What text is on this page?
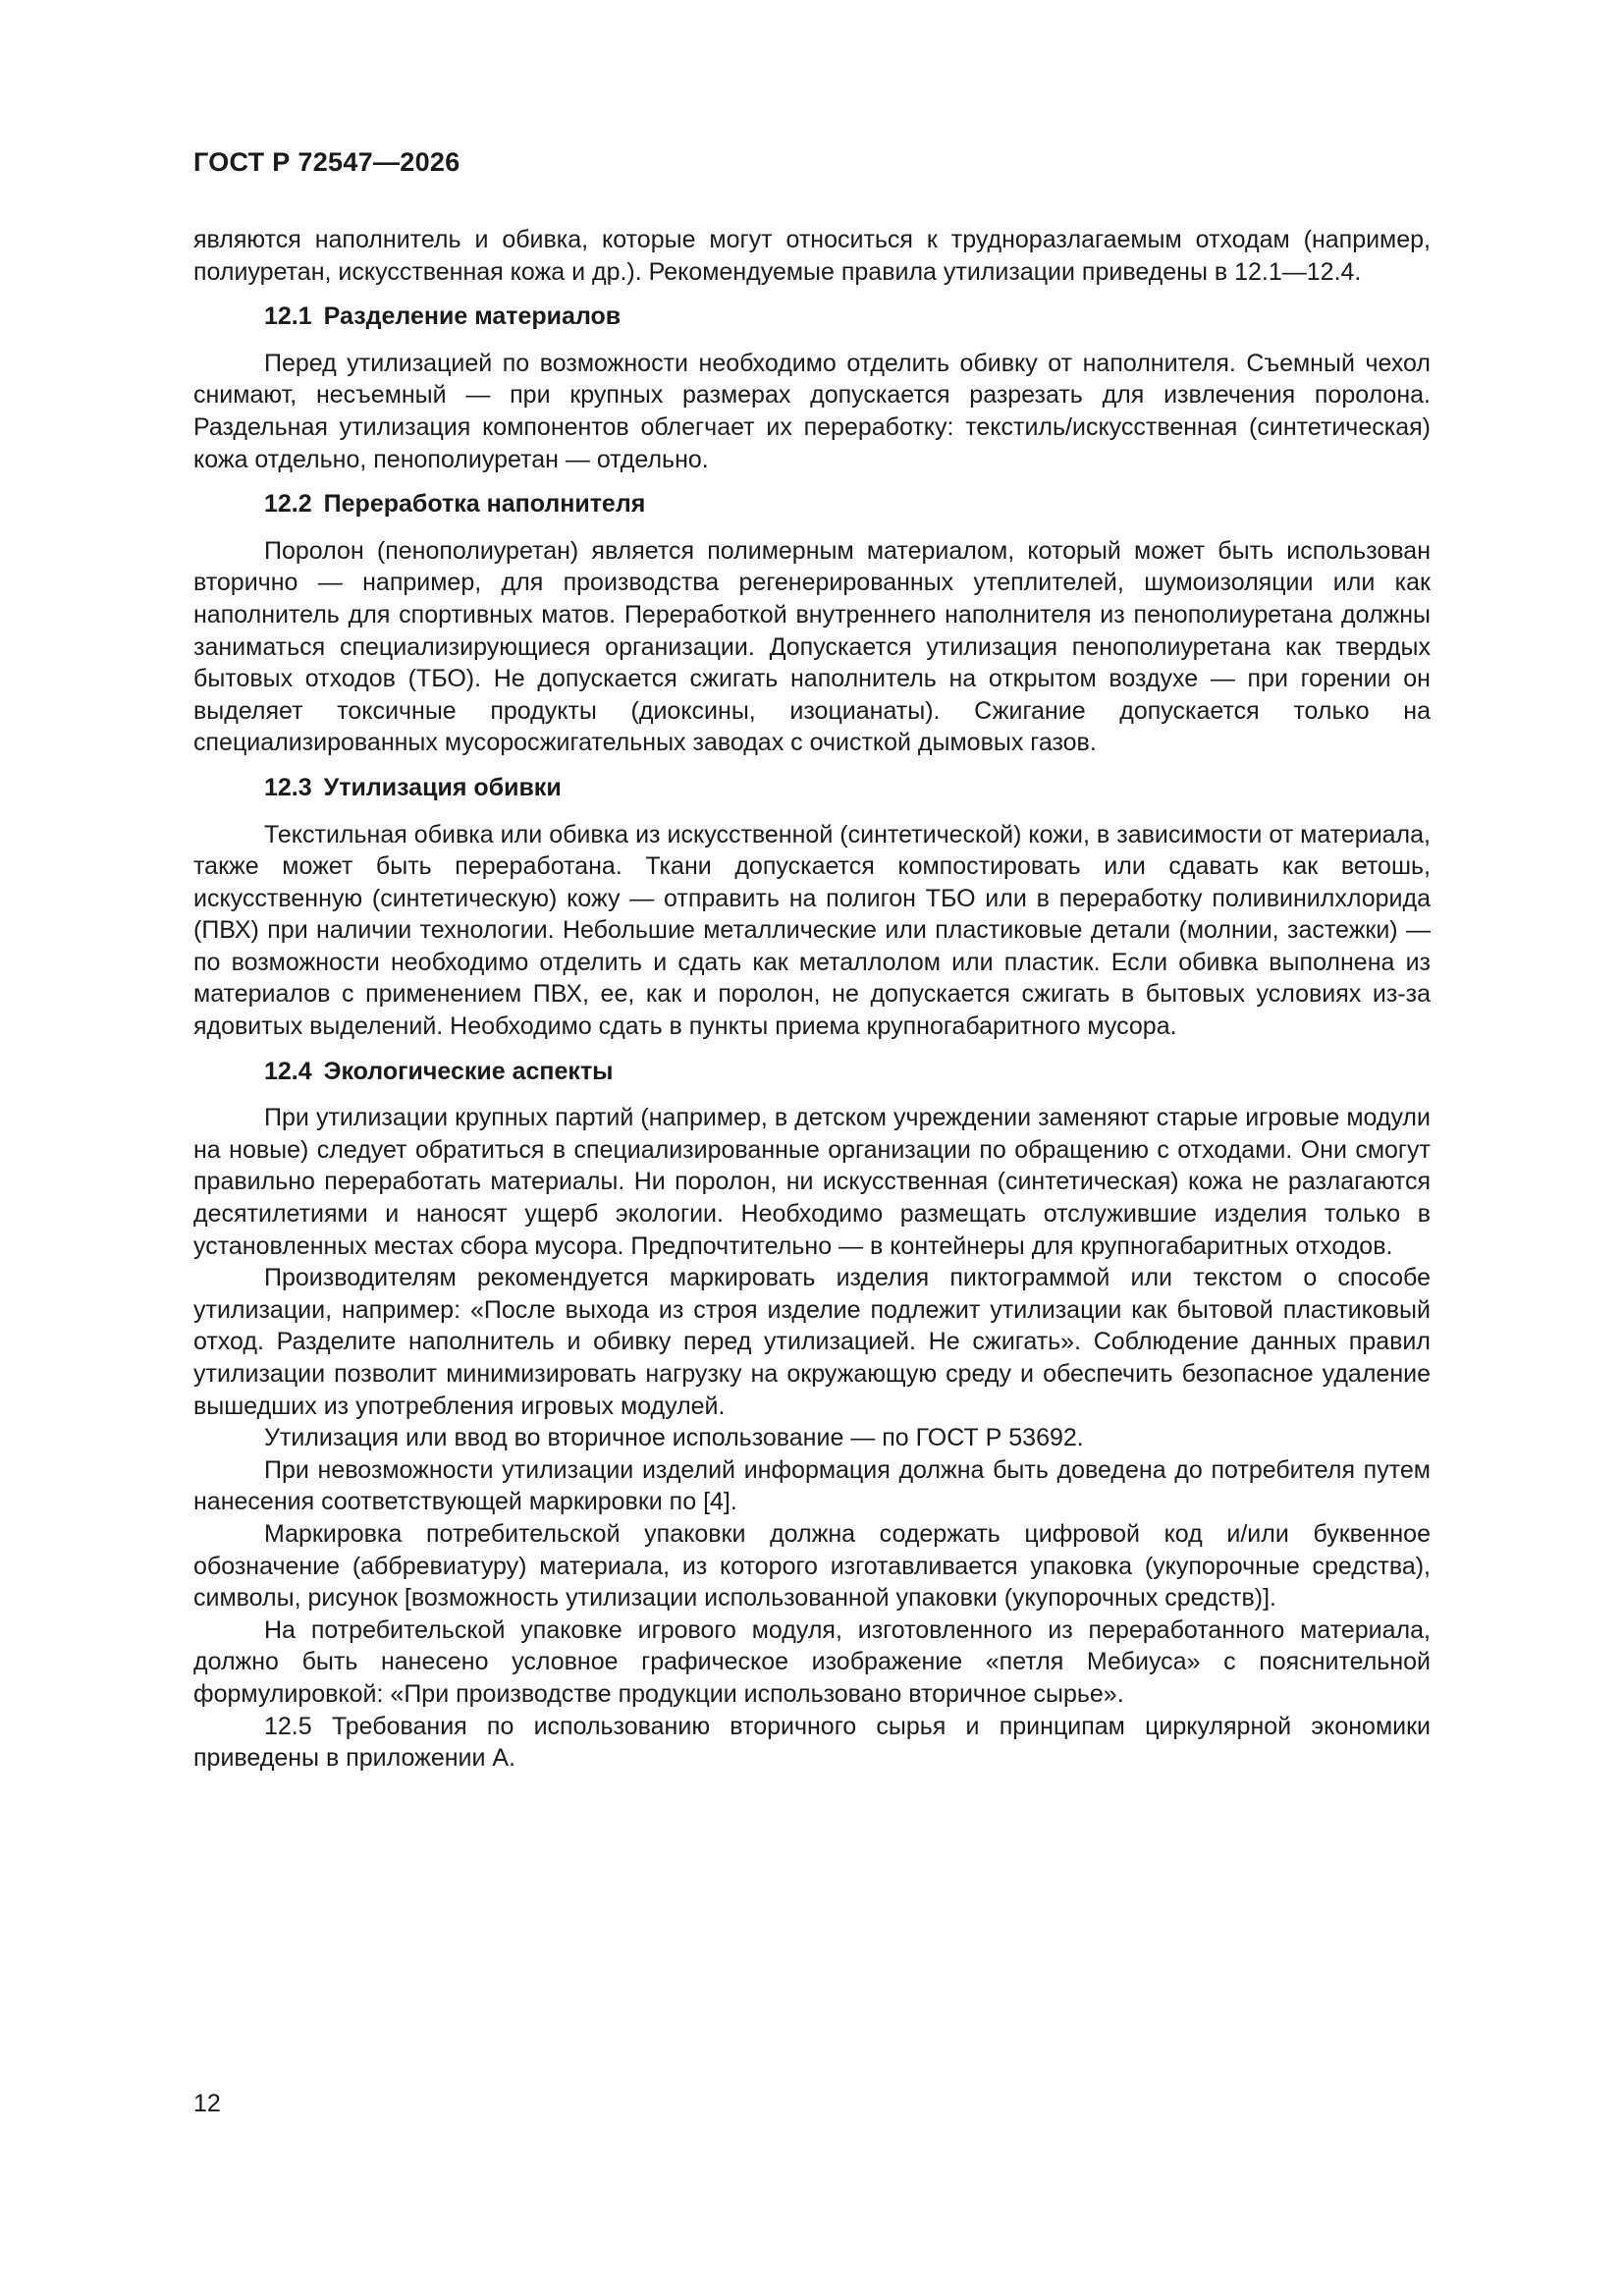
ГОСТ Р 72547—2026

являются наполнитель и обивка, которые могут относиться к трудноразлагаемым отходам (например, полиуретан, искусственная кожа и др.). Рекомендуемые правила утилизации приведены в 12.1—12.4.

12.1 Разделение материалов

Перед утилизацией по возможности необходимо отделить обивку от наполнителя. Съемный чехол снимают, несъемный — при крупных размерах допускается разрезать для извлечения поролона. Раздельная утилизация компонентов облегчает их переработку: текстиль/искусственная (синтетическая) кожа отдельно, пенополиуретан — отдельно.

12.2 Переработка наполнителя

Поролон (пенополиуретан) является полимерным материалом, который может быть использован вторично — например, для производства регенерированных утеплителей, шумоизоляции или как наполнитель для спортивных матов. Переработкой внутреннего наполнителя из пенополиуретана должны заниматься специализирующиеся организации. Допускается утилизация пенополиуретана как твердых бытовых отходов (ТБО). Не допускается сжигать наполнитель на открытом воздухе — при горении он выделяет токсичные продукты (диоксины, изоцианаты). Сжигание допускается только на специализированных мусоросжигательных заводах с очисткой дымовых газов.

12.3 Утилизация обивки

Текстильная обивка или обивка из искусственной (синтетической) кожи, в зависимости от материала, также может быть переработана. Ткани допускается компостировать или сдавать как ветошь, искусственную (синтетическую) кожу — отправить на полигон ТБО или в переработку поливинилхлорида (ПВХ) при наличии технологии. Небольшие металлические или пластиковые детали (молнии, застежки) — по возможности необходимо отделить и сдать как металлолом или пластик. Если обивка выполнена из материалов с применением ПВХ, ее, как и поролон, не допускается сжигать в бытовых условиях из-за ядовитых выделений. Необходимо сдать в пункты приема крупногабаритного мусора.

12.4 Экологические аспекты

При утилизации крупных партий (например, в детском учреждении заменяют старые игровые модули на новые) следует обратиться в специализированные организации по обращению с отходами. Они смогут правильно переработать материалы. Ни поролон, ни искусственная (синтетическая) кожа не разлагаются десятилетиями и наносят ущерб экологии. Необходимо размещать отслужившие изделия только в установленных местах сбора мусора. Предпочтительно — в контейнеры для крупногабаритных отходов.

Производителям рекомендуется маркировать изделия пиктограммой или текстом о способе утилизации, например: «После выхода из строя изделие подлежит утилизации как бытовой пластиковый отход. Разделите наполнитель и обивку перед утилизацией. Не сжигать». Соблюдение данных правил утилизации позволит минимизировать нагрузку на окружающую среду и обеспечить безопасное удаление вышедших из употребления игровых модулей.

Утилизация или ввод во вторичное использование — по ГОСТ Р 53692.

При невозможности утилизации изделий информация должна быть доведена до потребителя путем нанесения соответствующей маркировки по [4].

Маркировка потребительской упаковки должна содержать цифровой код и/или буквенное обозначение (аббревиатуру) материала, из которого изготавливается упаковка (укупорочные средства), символы, рисунок [возможность утилизации использованной упаковки (укупорочных средств)].

На потребительской упаковке игрового модуля, изготовленного из переработанного материала, должно быть нанесено условное графическое изображение «петля Мебиуса» с пояснительной формулировкой: «При производстве продукции использовано вторичное сырье».

12.5 Требования по использованию вторичного сырья и принципам циркулярной экономики приведены в приложении А.

12
